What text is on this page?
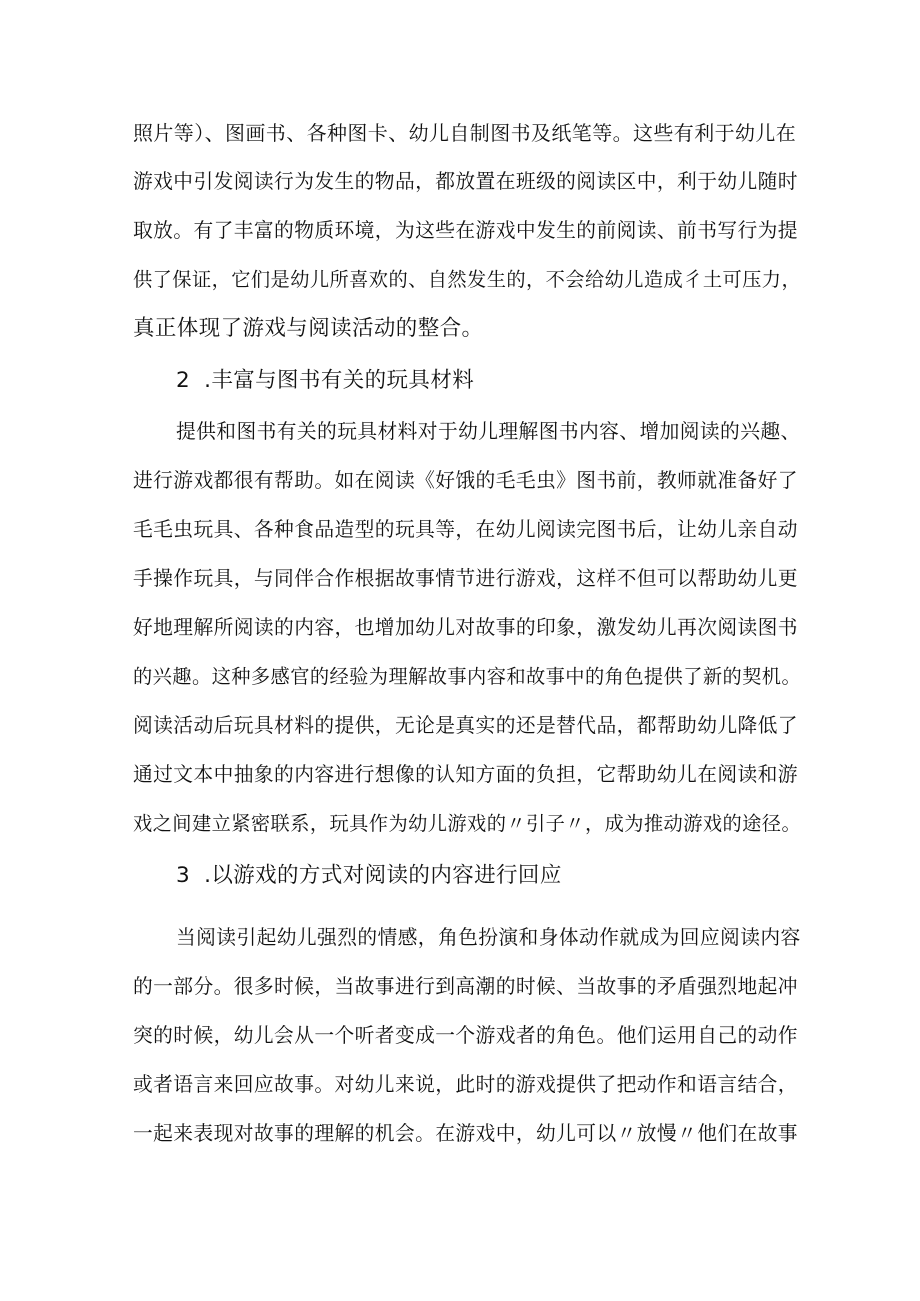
照片等）、图画书、各种图卡、幼儿自制图书及纸笔等。这些有利于幼儿在
游戏中引发阅读行为发生的物品，都放置在班级的阅读区中，利于幼儿随时
取放。有了丰富的物质环境，为这些在游戏中发生的前阅读、前书写行为提
供了保证，它们是幼儿所喜欢的、自然发生的，不会给幼儿造成彳土可压力，
真正体现了游戏与阅读活动的整合。
2 .丰富与图书有关的玩具材料
提供和图书有关的玩具材料对于幼儿理解图书内容、增加阅读的兴趣、
进行游戏都很有帮助。如在阅读《好饿的毛毛虫》图书前，教师就准备好了
毛毛虫玩具、各种食品造型的玩具等，在幼儿阅读完图书后，让幼儿亲自动
手操作玩具，与同伴合作根据故事情节进行游戏，这样不但可以帮助幼儿更
好地理解所阅读的内容，也增加幼儿对故事的印象，激发幼儿再次阅读图书
的兴趣。这种多感官的经验为理解故事内容和故事中的角色提供了新的契机。
阅读活动后玩具材料的提供，无论是真实的还是替代品，都帮助幼儿降低了
通过文本中抽象的内容进行想像的认知方面的负担，它帮助幼儿在阅读和游
戏之间建立紧密联系，玩具作为幼儿游戏的〃引子〃，成为推动游戏的途径。
3 .以游戏的方式对阅读的内容进行回应
当阅读引起幼儿强烈的情感，角色扮演和身体动作就成为回应阅读内容
的一部分。很多时候，当故事进行到高潮的时候、当故事的矛盾强烈地起冲
突的时候，幼儿会从一个听者变成一个游戏者的角色。他们运用自己的动作
或者语言来回应故事。对幼儿来说，此时的游戏提供了把动作和语言结合，
一起来表现对故事的理解的机会。在游戏中，幼儿可以〃放慢〃他们在故事
